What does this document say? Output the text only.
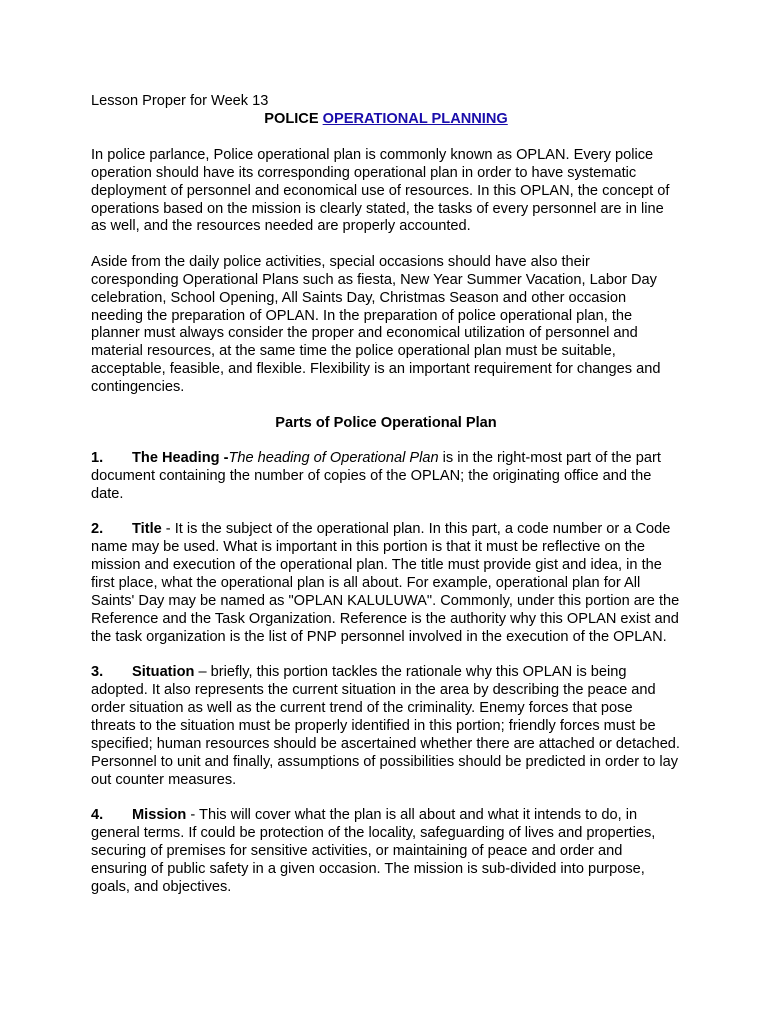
Lesson Proper for Week 13

POLICE OPERATIONAL PLANNING

In police parlance, Police operational plan is commonly known as OPLAN. Every police operation should have its corresponding operational plan in order to have systematic deployment of personnel and economical use of resources. In this OPLAN, the concept of operations based on the mission is clearly stated, the tasks of every personnel are in line as well, and the resources needed are properly accounted.

Aside from the daily police activities, special occasions should have also their coresponding Operational Plans such as fiesta, New Year Summer Vacation, Labor Day celebration, School Opening, All Saints Day, Christmas Season and other occasion needing the preparation of OPLAN. In the preparation of police operational plan, the planner must always consider the proper and economical utilization of personnel and material resources, at the same time the police operational plan must be suitable, acceptable, feasible, and flexible. Flexibility is an important requirement for changes and contingencies.

Parts of Police Operational Plan

1. The Heading -The heading of Operational Plan is in the right-most part of the part document containing the number of copies of the OPLAN; the originating office and the date.

2. Title - It is the subject of the operational plan. In this part, a code number or a Code name may be used. What is important in this portion is that it must be reflective on the mission and execution of the operational plan. The title must provide gist and idea, in the first place, what the operational plan is all about. For example, operational plan for All Saints' Day may be named as "OPLAN KALULUWA". Commonly, under this portion are the Reference and the Task Organization. Reference is the authority why this OPLAN exist and the task organization is the list of PNP personnel involved in the execution of the OPLAN.

3. Situation – briefly, this portion tackles the rationale why this OPLAN is being adopted. It also represents the current situation in the area by describing the peace and order situation as well as the current trend of the criminality. Enemy forces that pose threats to the situation must be properly identified in this portion; friendly forces must be specified; human resources should be ascertained whether there are attached or detached. Personnel to unit and finally, assumptions of possibilities should be predicted in order to lay out counter measures.

4. Mission - This will cover what the plan is all about and what it intends to do, in general terms. If could be protection of the locality, safeguarding of lives and properties, securing of premises for sensitive activities, or maintaining of peace and order and ensuring of public safety in a given occasion. The mission is sub-divided into purpose, goals, and objectives.
